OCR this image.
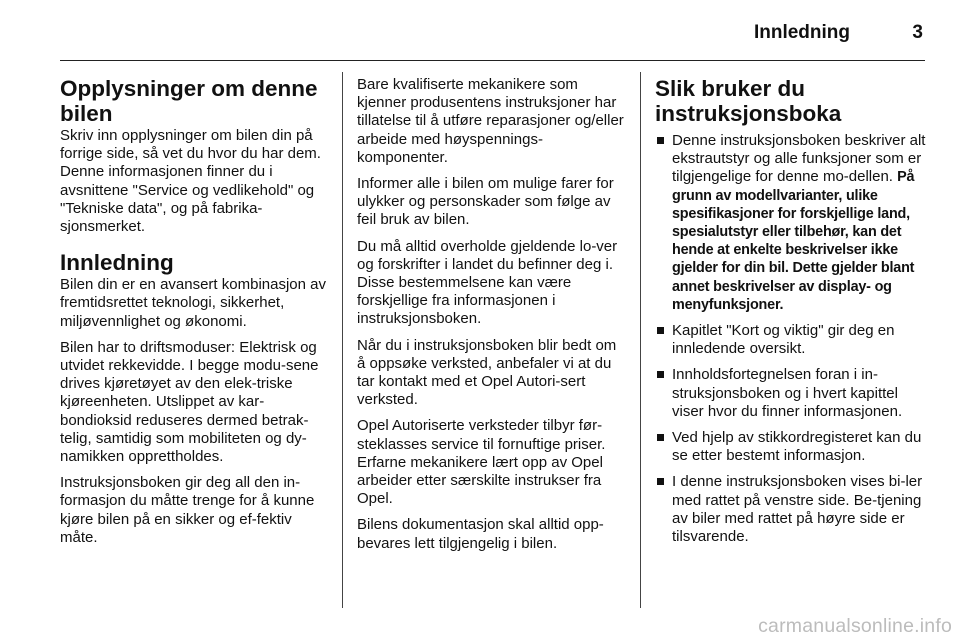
Innledning	3
Opplysninger om denne bilen

Skriv inn opplysninger om bilen din på forrige side, så vet du hvor du har dem. Denne informasjonen finner du i avsnittene "Service og vedlikehold" og "Tekniske data", og på fabrika-sjonsmerket.

Innledning

Bilen din er en avansert kombinasjon av fremtidsrettet teknologi, sikkerhet, miljøvennlighet og økonomi.

Bilen har to driftsmoduser: Elektrisk og utvidet rekkevidde. I begge modu-sene drives kjøretøyet av den elek-triske kjøreenheten. Utslippet av kar-bondioksid reduseres dermed betrak-telig, samtidig som mobiliteten og dy-namikken opprettholdes.

Instruksjonsboken gir deg all den in-formasjon du måtte trenge for å kunne kjøre bilen på en sikker og ef-fektiv måte.

Bare kvalifiserte mekanikere som kjenner produsentens instruksjoner har tillatelse til å utføre reparasjoner og/eller arbeide med høyspennings-komponenter.

Informer alle i bilen om mulige farer for ulykker og personskader som følge av feil bruk av bilen.

Du må alltid overholde gjeldende lo-ver og forskrifter i landet du befinner deg i. Disse bestemmelsene kan være forskjellige fra informasjonen i instruksjonsboken.

Når du i instruksjonsboken blir bedt om å oppsøke verksted, anbefaler vi at du tar kontakt med et Opel Autori-sert verksted.

Opel Autoriserte verksteder tilbyr før-steklasses service til fornuftige priser. Erfarne mekanikere lært opp av Opel arbeider etter særskilte instrukser fra Opel.

Bilens dokumentasjon skal alltid opp-bevares lett tilgjengelig i bilen.

Slik bruker du instruksjonsboka
Denne instruksjonsboken beskriver alt ekstrautstyr og alle funksjoner som er tilgjengelige for denne mo-dellen. På grunn av modellvarianter, ulike spesifikasjoner for forskjellige land, spesialutstyr eller tilbehør, kan det hende at enkelte beskrivelser ikke gjelder for din bil. Dette gjelder blant annet beskrivelser av display- og menyfunksjoner.
Kapitlet "Kort og viktig" gir deg en innledende oversikt.
Innholdsfortegnelsen foran i in-struksjonsboken og i hvert kapittel viser hvor du finner informasjonen.
Ved hjelp av stikkordregisteret kan du se etter bestemt informasjon.
I denne instruksjonsboken vises bi-ler med rattet på venstre side. Be-tjening av biler med rattet på høyre side er tilsvarende.
carmanualsonline.info
